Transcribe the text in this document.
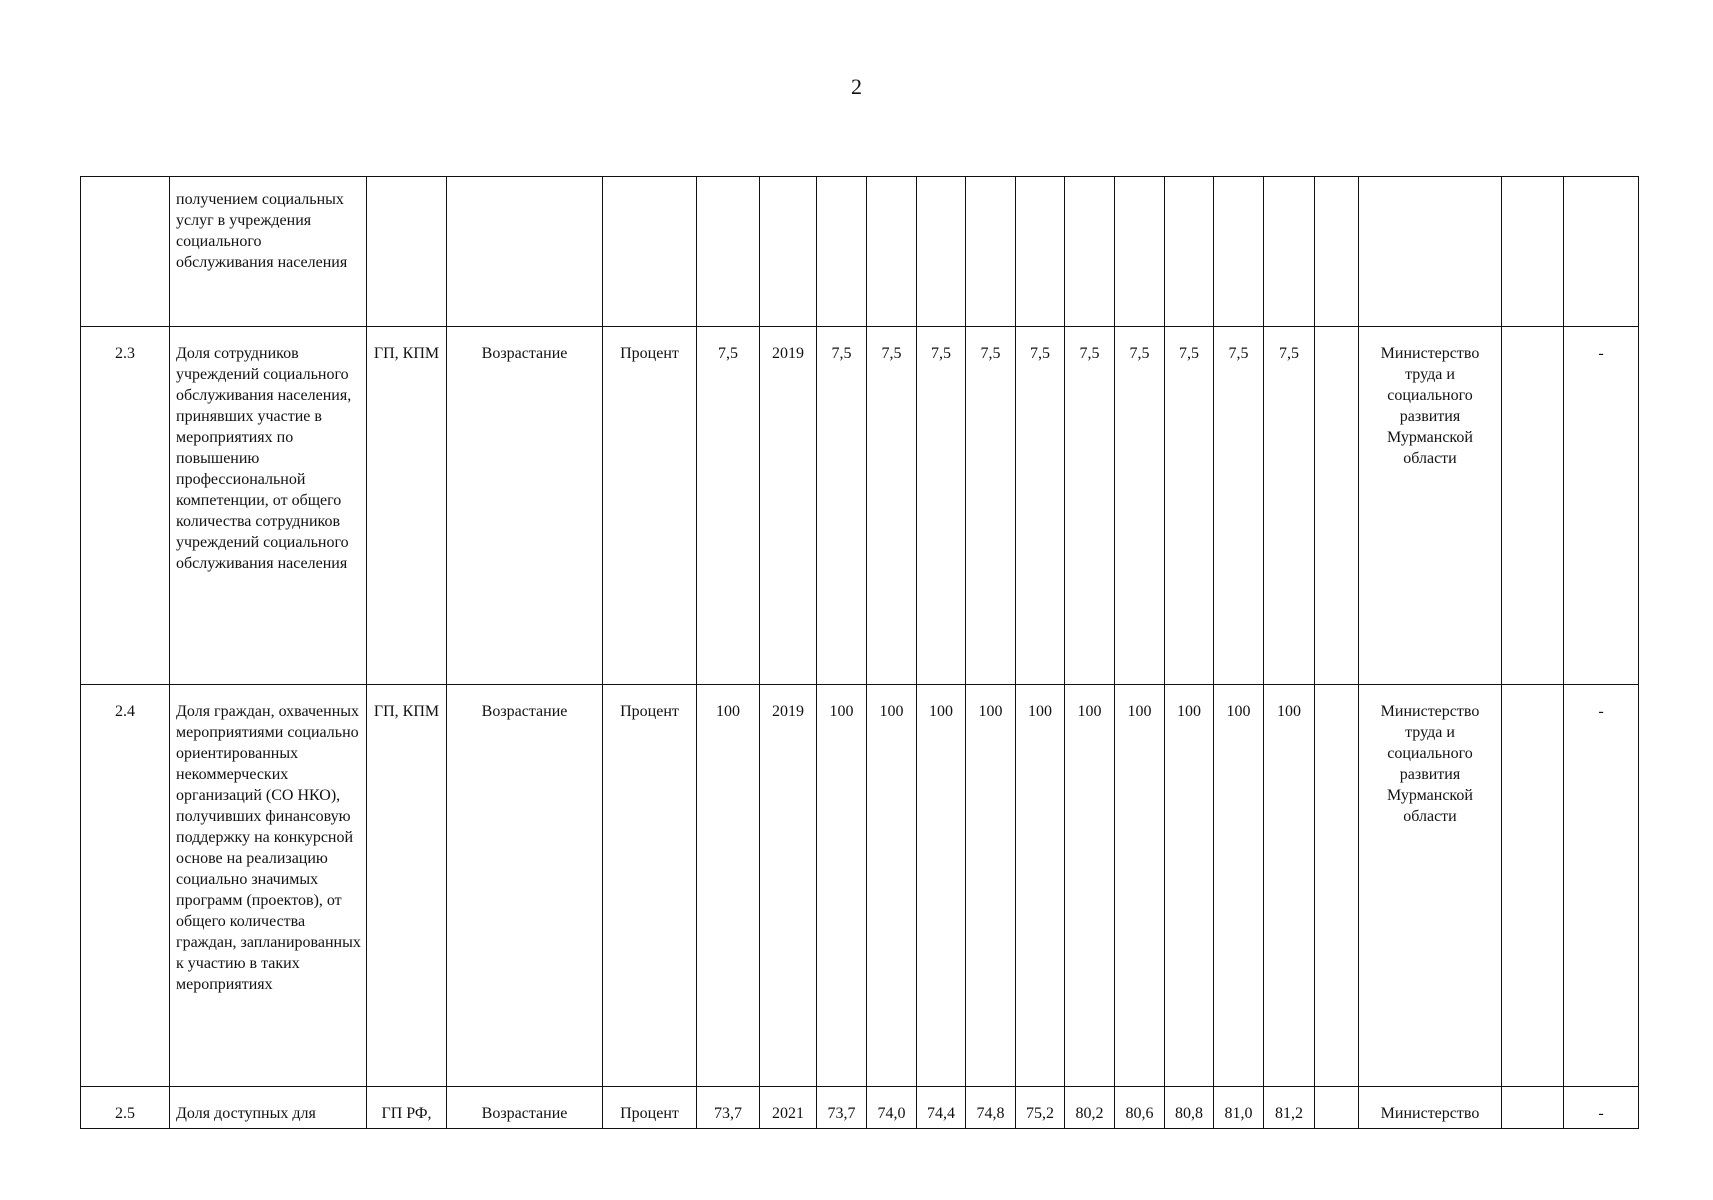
2
	получением социальных услуг в учреждения социального обслуживания населения																			
2.3	Доля сотрудников учреждений социального обслуживания населения, принявших участие в мероприятиях по повышению профессиональной компетенции, от общего количества сотрудников учреждений социального обслуживания населения	ГП, КПМ	Возрастание	Процент	7,5	2019	7,5	7,5	7,5	7,5	7,5	7,5	7,5	7,5	7,5	7,5		Министерство труда и социального развития Мурманской области		-
2.4	Доля граждан, охваченных мероприятиями социально ориентированных некоммерческих организаций (СО НКО), получивших финансовую поддержку на конкурсной основе на реализацию социально значимых программ (проектов), от общего количества граждан, запланированных к участию в таких мероприятиях	ГП, КПМ	Возрастание	Процент	100	2019	100	100	100	100	100	100	100	100	100	100		Министерство труда и социального развития Мурманской области		-
2.5	Доля доступных для	ГП РФ,	Возрастание	Процент	73,7	2021	73,7	74,0	74,4	74,8	75,2	80,2	80,6	80,8	81,0	81,2		Министерство		-
